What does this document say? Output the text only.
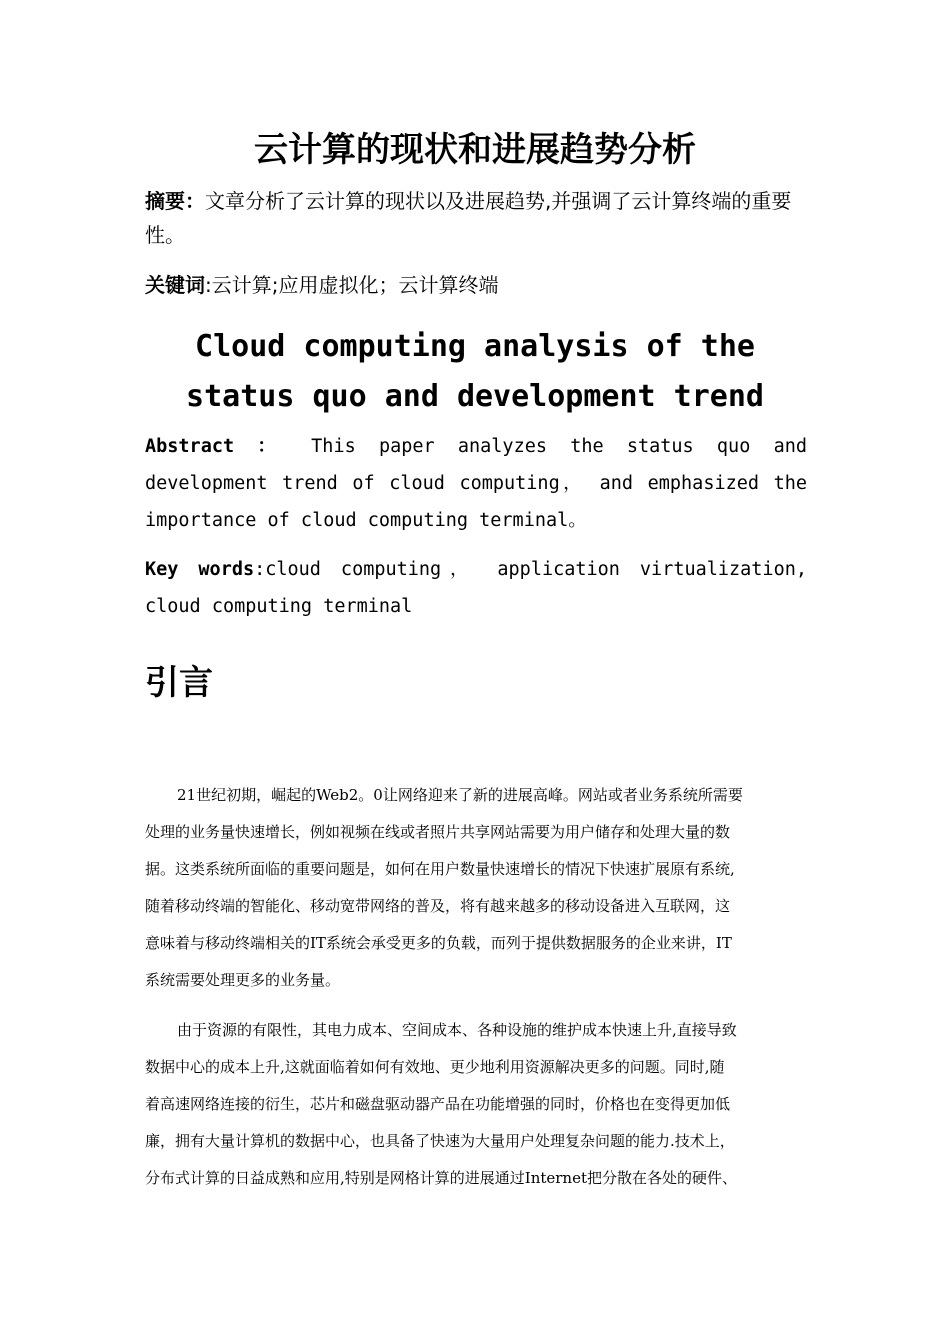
云计算的现状和进展趋势分析
摘要：文章分析了云计算的现状以及进展趋势,并强调了云计算终端的重要性。
关键词:云计算;应用虚拟化；云计算终端
Cloud computing analysis of the
status quo and development trend
Abstract ： This paper analyzes the status quo and development trend of cloud computing， and emphasized the importance of cloud computing terminal。
Key words:cloud computing， application virtualization, cloud computing terminal
引言
21世纪初期，崛起的Web2。0让网络迎来了新的进展高峰。网站或者业务系统所需要
处理的业务量快速增长，例如视频在线或者照片共享网站需要为用户储存和处理大量的数
据。这类系统所面临的重要问题是，如何在用户数量快速增长的情况下快速扩展原有系统,
随着移动终端的智能化、移动宽带网络的普及，将有越来越多的移动设备进入互联网，这
意味着与移动终端相关的IT系统会承受更多的负载，而列于提供数据服务的企业来讲，IT
系统需要处理更多的业务量。
由于资源的有限性，其电力成本、空间成本、各种设施的维护成本快速上升,直接导致
数据中心的成本上升,这就面临着如何有效地、更少地利用资源解决更多的问题。同时,随
着高速网络连接的衍生，芯片和磁盘驱动器产品在功能增强的同时，价格也在变得更加低
廉，拥有大量计算机的数据中心，也具备了快速为大量用户处理复杂问题的能力.技术上，
分布式计算的日益成熟和应用,特别是网格计算的进展通过Internet把分散在各处的硬件、
